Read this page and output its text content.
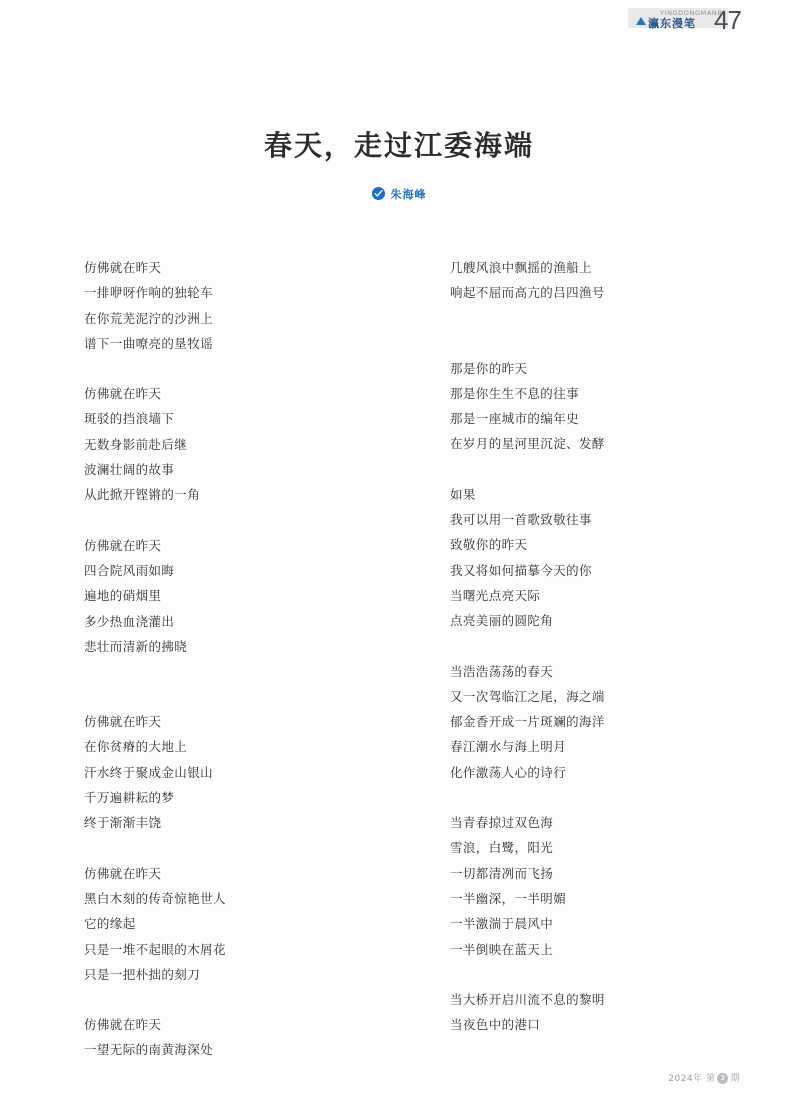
YINGDONGMANBI
瀛东漫笔 47
春天，走过江委海端
朱海峰
仿佛就在昨天
一排咿呀作响的独轮车
在你荒芜泥泞的沙洲上
谱下一曲嘹亮的垦牧谣
仿佛就在昨天
斑驳的挡浪墙下
无数身影前赴后继
波澜壮阔的故事
从此掀开铿锵的一角
仿佛就在昨天
四合院风雨如晦
遍地的硝烟里
多少热血浇灌出
悲壮而清新的拂晓
仿佛就在昨天
在你贫瘠的大地上
汗水终于聚成金山银山
千万遍耕耘的梦
终于渐渐丰饶
仿佛就在昨天
黑白木刻的传奇惊艳世人
它的缘起
只是一堆不起眼的木屑花
只是一把朴拙的刻刀
仿佛就在昨天
一望无际的南黄海深处
几艘风浪中飘摇的渔船上
响起不屈而高亢的吕四渔号
那是你的昨天
那是你生生不息的往事
那是一座城市的编年史
在岁月的星河里沉淀、发酵
如果
我可以用一首歌致敬往事
致敬你的昨天
我又将如何描摹今天的你
当曙光点亮天际
点亮美丽的圆陀角
当浩浩荡荡的春天
又一次驾临江之尾，海之端
郁金香开成一片斑斓的海洋
春江潮水与海上明月
化作激荡人心的诗行
当青春掠过双色海
雪浪，白鹭，阳光
一切都清冽而飞扬
一半幽深，一半明媚
一半激湍于晨风中
一半倒映在蓝天上
当大桥开启川流不息的黎明
当夜色中的港口
2024年 第 3 期
